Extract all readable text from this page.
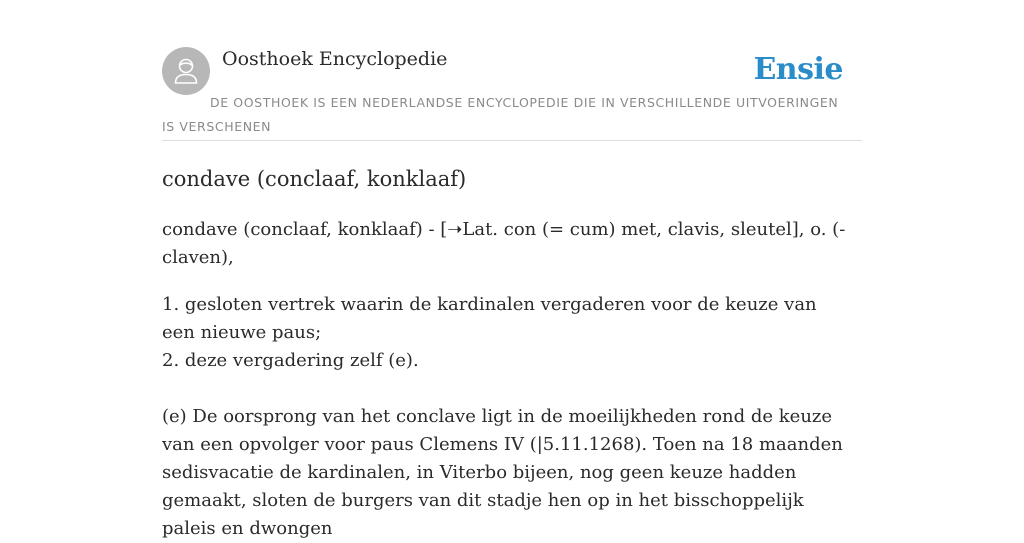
Oosthoek Encyclopedie	Ensie
DE OOSTHOEK IS EEN NEDERLANDSE ENCYCLOPEDIE DIE IN VERSCHILLENDE UITVOERINGEN IS VERSCHENEN
condave (conclaaf, konklaaf)

condave (conclaaf, konklaaf) - [➝Lat. con (= cum) met, clavis, sleutel], o. (-claven),

1. gesloten vertrek waarin de kardinalen vergaderen voor de keuze van een nieuwe paus;
2. deze vergadering zelf (e).

(e) De oorsprong van het conclave ligt in de moeilijkheden rond de keuze van een opvolger voor paus Clemens IV (|5.11.1268). Toen na 18 maanden sedisvacatie de kardinalen, in Viterbo bijeen, nog geen keuze hadden gemaakt, sloten de burgers van dit stadje hen op in het bisschoppelijk paleis en dwongen
